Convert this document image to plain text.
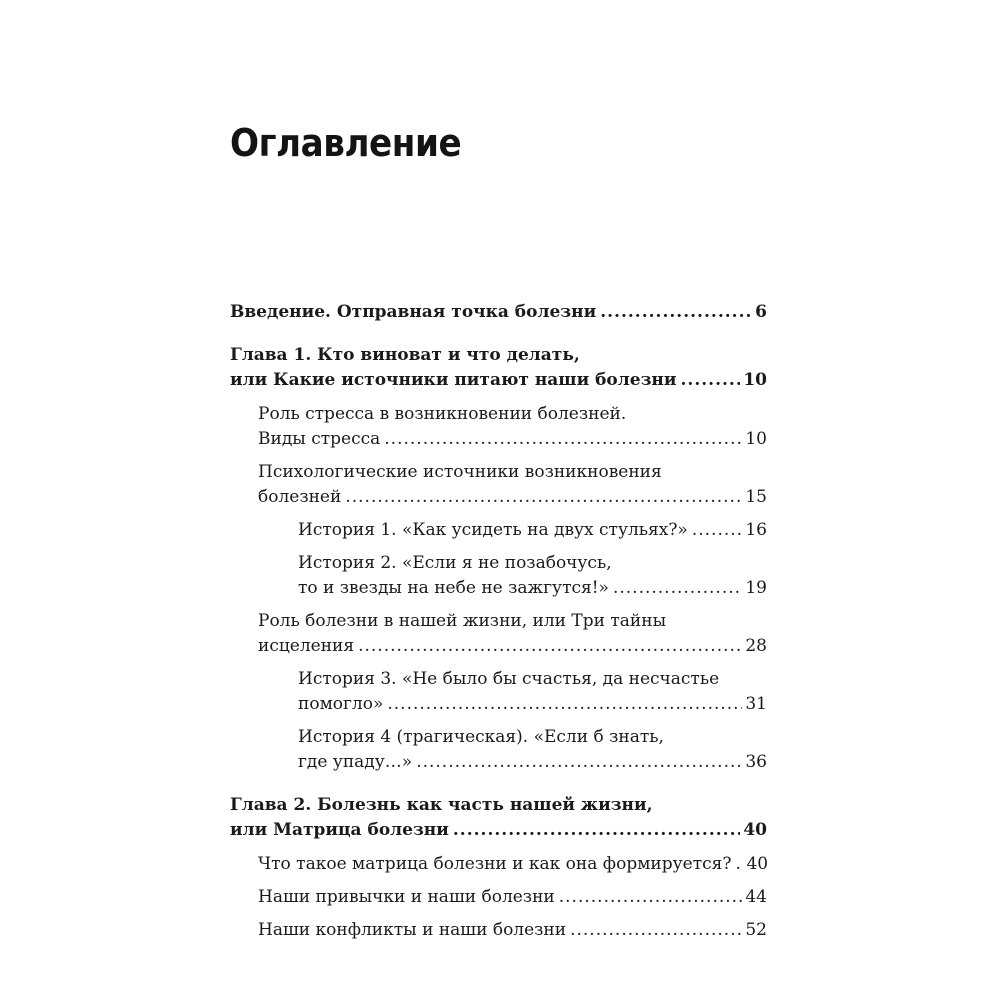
Оглавление
Введение. Отправная точка болезни .....	6
Глава 1. Кто виноват и что делать,
или Какие источники питают наши болезни .....	10
Роль стресса в возникновении болезней.
Виды стресса .....	10
Психологические источники возникновения
болезней .....	15
История 1. «Как усидеть на двух стульях?» .....	16
История 2. «Если я не позабочусь,
то и звезды на небе не зажгутся!» .....	19
Роль болезни в нашей жизни, или Три тайны
исцеления .....	28
История 3. «Не было бы счастья, да несчастье
помогло» .....	31
История 4 (трагическая). «Если б знать,
где упаду…» .....	36
Глава 2. Болезнь как часть нашей жизни,
или Матрица болезни .....	40
Что такое матрица болезни и как она формируется? ..... 40
Наши привычки и наши болезни .....	44
Наши конфликты и наши болезни .....	52
